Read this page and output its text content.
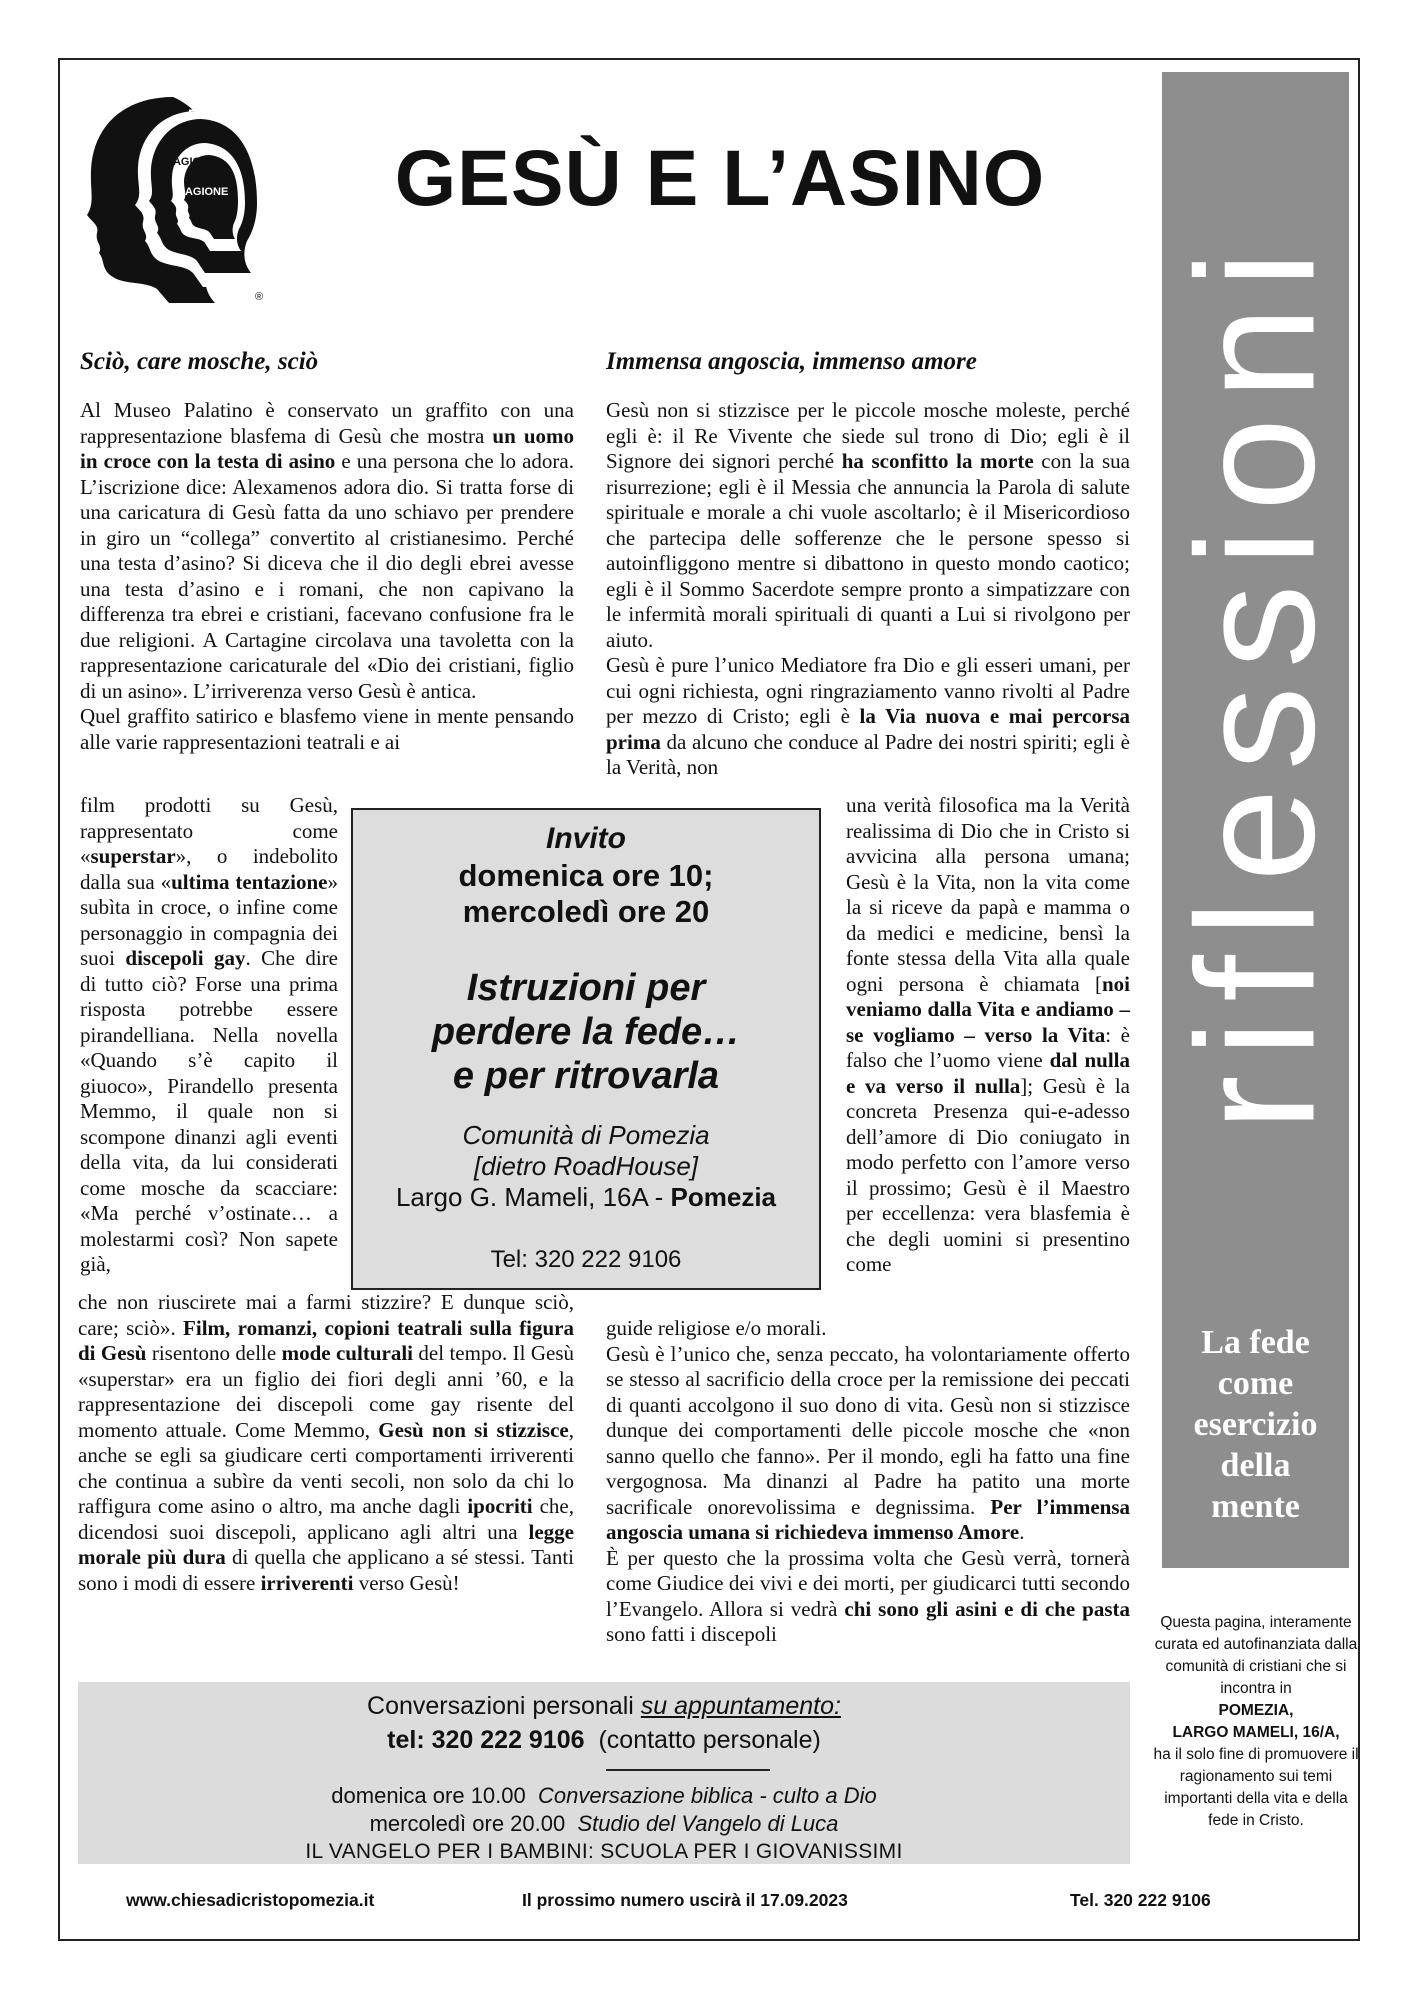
FEDE
RAGIONE
RAGIONE
FEDE
®
GESÙ E L’ASINO
riflessioni
La fede
come
esercizio
della
mente
Questa pagina, interamente curata ed autofinanziata dalla comunità di cristiani che si incontra in
POMEZIA,
LARGO MAMELI, 16/A,
ha il solo fine di promuovere il ragionamento sui temi importanti della vita e della fede in Cristo.
Sciò, care mosche, sciò

Al Museo Palatino è conservato un graffito con una rappresentazione blasfema di Gesù che mostra un uomo in croce con la testa di asino e una persona che lo adora. L’iscrizione dice: Alexamenos adora dio. Si tratta forse di una caricatura di Gesù fatta da uno schiavo per prendere in giro un “collega” convertito al cristianesimo. Perché una testa d’asino? Si diceva che il dio degli ebrei avesse una testa d’asino e i romani, che non capivano la differenza tra ebrei e cristiani, facevano confusione fra le due religioni. A Cartagine circolava una tavoletta con la rappresentazione caricaturale del «Dio dei cristiani, figlio di un asino». L’irriverenza verso Gesù è antica.

Quel graffito satirico e blasfemo viene in mente pensando alle varie rappresentazioni teatrali e ai

film prodotti su Gesù, rappresentato come «superstar», o indebolito dalla sua «ultima tentazione» subìta in croce, o infine come personaggio in compagnia dei suoi discepoli gay. Che dire di tutto ciò? Forse una prima risposta potrebbe essere pirandelliana. Nella novella «Quando s’è capito il giuoco», Pirandello presenta Memmo, il quale non si scompone dinanzi agli eventi della vita, da lui considerati come mosche da scacciare: «Ma perché v’ostinate… a molestarmi così? Non sapete già,
che non riuscirete mai a farmi stizzire? E dunque sciò, care; sciò». Film, romanzi, copioni teatrali sulla figura di Gesù risentono delle mode culturali del tempo. Il Gesù «superstar» era un figlio dei fiori degli anni ’60, e la rappresentazione dei discepoli come gay risente del momento attuale. Come Memmo, Gesù non si stizzisce, anche se egli sa giudicare certi comportamenti irriverenti che continua a subìre da venti secoli, non solo da chi lo raffigura come asino o altro, ma anche dagli ipocriti che, dicendosi suoi discepoli, applicano agli altri una legge morale più dura di quella che applicano a sé stessi. Tanti sono i modi di essere irriverenti verso Gesù!
Immensa angoscia, immenso amore

Gesù non si stizzisce per le piccole mosche moleste, perché egli è: il Re Vivente che siede sul trono di Dio; egli è il Signore dei signori perché ha sconfitto la morte con la sua risurrezione; egli è il Messia che annuncia la Parola di salute spirituale e morale a chi vuole ascoltarlo; è il Misericordioso che partecipa delle sofferenze che le persone spesso si autoinfliggono mentre si dibattono in questo mondo caotico; egli è il Sommo Sacerdote sempre pronto a simpatizzare con le infermità morali spirituali di quanti a Lui si rivolgono per aiuto.

Gesù è pure l’unico Mediatore fra Dio e gli esseri umani, per cui ogni richiesta, ogni ringraziamento vanno rivolti al Padre per mezzo di Cristo; egli è la Via nuova e mai percorsa prima da alcuno che conduce al Padre dei nostri spiriti; egli è la Verità, non

una verità filosofica ma la Verità realissima di Dio che in Cristo si avvicina alla persona umana; Gesù è la Vita, non la vita come la si riceve da papà e mamma o da medici e medicine, bensì la fonte stessa della Vita alla quale ogni persona è chiamata [noi veniamo dalla Vita e andiamo – se vogliamo – verso la Vita: è falso che l’uomo viene dal nulla e va verso il nulla]; Gesù è la concreta Presenza qui-e-adesso dell’amore di Dio coniugato in modo perfetto con l’amore verso il prossimo; Gesù è il Maestro per eccellenza: vera blasfemia è che degli uomini si presentino come

guide religiose e/o morali.

Gesù è l’unico che, senza peccato, ha volontariamente offerto se stesso al sacrificio della croce per la remissione dei peccati di quanti accolgono il suo dono di vita. Gesù non si stizzisce dunque dei comportamenti delle piccole mosche che «non sanno quello che fanno». Per il mondo, egli ha fatto una fine vergognosa. Ma dinanzi al Padre ha patito una morte sacrificale onorevolissima e degnissima. Per l’immensa angoscia umana si richiedeva immenso Amore.

È per questo che la prossima volta che Gesù verrà, tornerà come Giudice dei vivi e dei morti, per giudicarci tutti secondo l’Evangelo. Allora si vedrà chi sono gli asini e di che pasta sono fatti i discepoli

Invito
domenica ore 10;
mercoledì ore 20
Istruzioni per
perdere la fede…
e per ritrovarla
Comunità di Pomezia
[dietro RoadHouse]
Largo G. Mameli, 16A - Pomezia
Tel: 320 222 9106
Conversazioni personali su appuntamento:
tel: 320 222 9106 (contatto personale)
domenica ore 10.00 Conversazione biblica - culto a Dio
mercoledì ore 20.00 Studio del Vangelo di Luca
IL VANGELO PER I BAMBINI: SCUOLA PER I GIOVANISSIMI
www.chiesadicristopomezia.it	Il prossimo numero uscirà il 17.09.2023	Tel. 320 222 9106
